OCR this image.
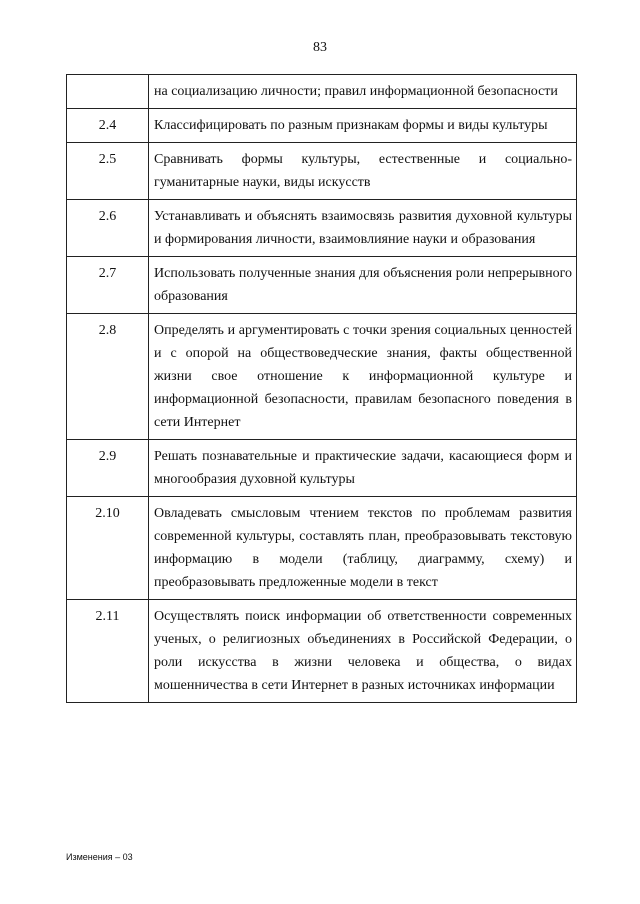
83
	на социализацию личности; правил информационной безопасности
2.4	Классифицировать по разным признакам формы и виды культуры
2.5	Сравнивать формы культуры, естественные и социально-гуманитарные науки, виды искусств
2.6	Устанавливать и объяснять взаимосвязь развития духовной культуры и формирования личности, взаимовлияние науки и образования
2.7	Использовать полученные знания для объяснения роли непрерывного образования
2.8	Определять и аргументировать с точки зрения социальных ценностей и с опорой на обществоведческие знания, факты общественной жизни свое отношение к информационной культуре и информационной безопасности, правилам безопасного поведения в сети Интернет
2.9	Решать познавательные и практические задачи, касающиеся форм и многообразия духовной культуры
2.10	Овладевать смысловым чтением текстов по проблемам развития современной культуры, составлять план, преобразовывать текстовую информацию в модели (таблицу, диаграмму, схему) и преобразовывать предложенные модели в текст
2.11	Осуществлять поиск информации об ответственности современных ученых, о религиозных объединениях в Российской Федерации, о роли искусства в жизни человека и общества, о видах мошенничества в сети Интернет в разных источниках информации
Изменения – 03
